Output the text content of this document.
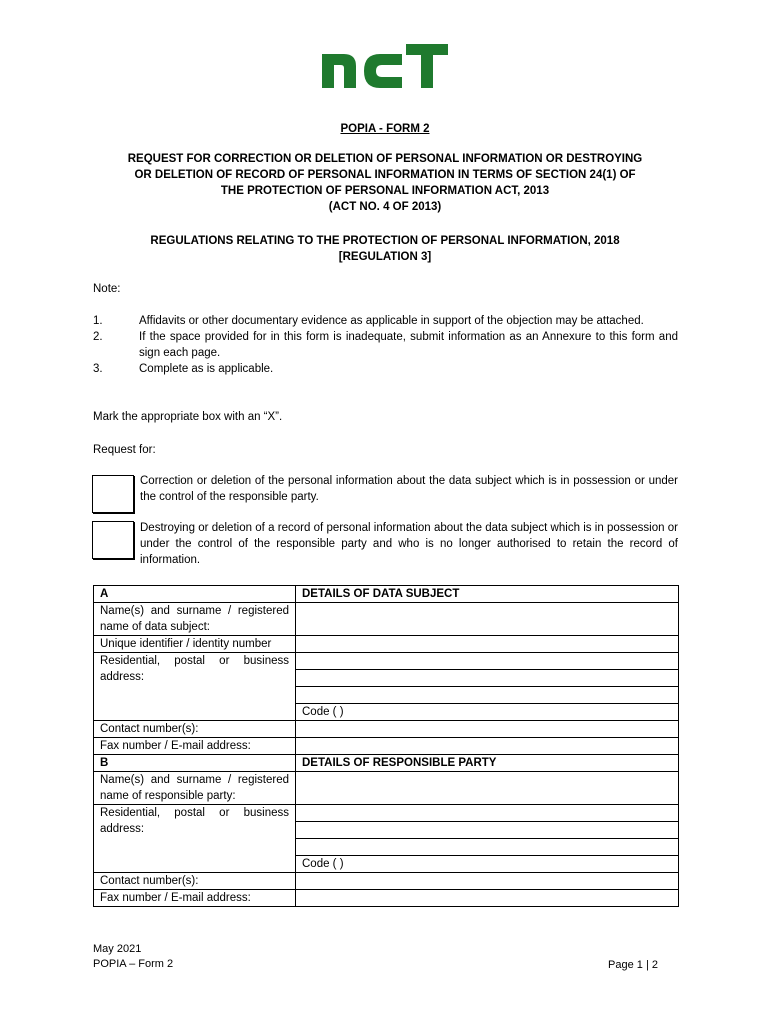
POPIA - FORM 2
REQUEST FOR CORRECTION OR DELETION OF PERSONAL INFORMATION OR DESTROYING
OR DELETION OF RECORD OF PERSONAL INFORMATION IN TERMS OF SECTION 24(1) OF
THE PROTECTION OF PERSONAL INFORMATION ACT, 2013
(ACT NO. 4 OF 2013)
REGULATIONS RELATING TO THE PROTECTION OF PERSONAL INFORMATION, 2018
[REGULATION 3]
Note:
1.	Affidavits or other documentary evidence as applicable in support of the objection may be attached.
2.	If the space provided for in this form is inadequate, submit information as an Annexure to this form and sign each page.
3.	Complete as is applicable.
Mark the appropriate box with an “X”.
Request for:
Correction or deletion of the personal information about the data subject which is in possession or under the control of the responsible party.
Destroying or deletion of a record of personal information about the data subject which is in possession or under the control of the responsible party and who is no longer authorised to retain the record of information.
A	DETAILS OF DATA SUBJECT
Name(s) and surname / registered name of data subject:	
Unique identifier / identity number	
Residential, postal or business address:	

	Code ( )
Contact number(s):	
Fax number / E-mail address:	
B	DETAILS OF RESPONSIBLE PARTY
Name(s) and surname / registered name of responsible party:	
Residential, postal or business address:	

	Code ( )
Contact number(s):	
Fax number / E-mail address:	
May 2021
POPIA – Form 2	Page 1 | 2
